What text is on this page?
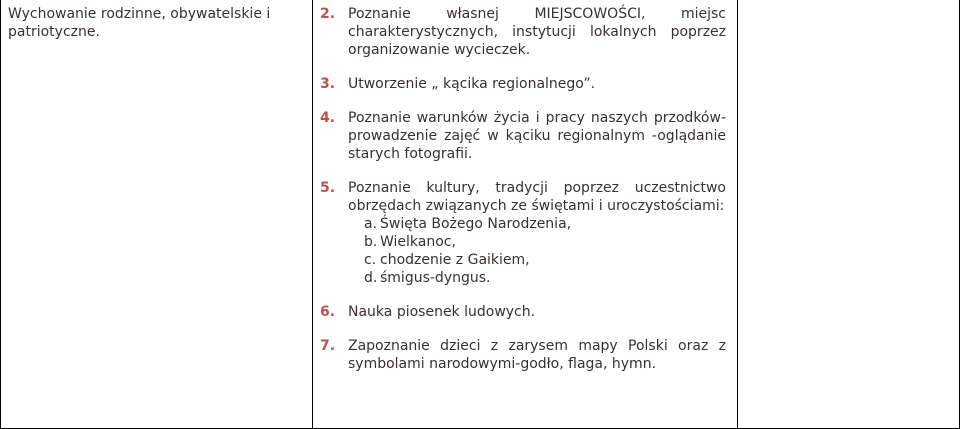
Wychowanie rodzinne, obywatelskie i patriotyczne.
2. Poznanie własnej MIEJSCOWOŚCI, miejsc charakterystycznych, instytucji lokalnych poprzez organizowanie wycieczek.
3. Utworzenie „ kącika regionalnego”.
4. Poznanie warunków życia i pracy naszych przodków-prowadzenie zajęć w kąciku regionalnym -oglądanie starych fotografii.
5. Poznanie kultury, tradycji poprzez uczestnictwo obrzędach związanych ze świętami i uroczystościami:
a. Święta Bożego Narodzenia,
b. Wielkanoc,
c. chodzenie z Gaikiem,
d. śmigus-dyngus.
6. Nauka piosenek ludowych.
7. Zapoznanie dzieci z zarysem mapy Polski oraz z symbolami narodowymi-godło, flaga, hymn.
